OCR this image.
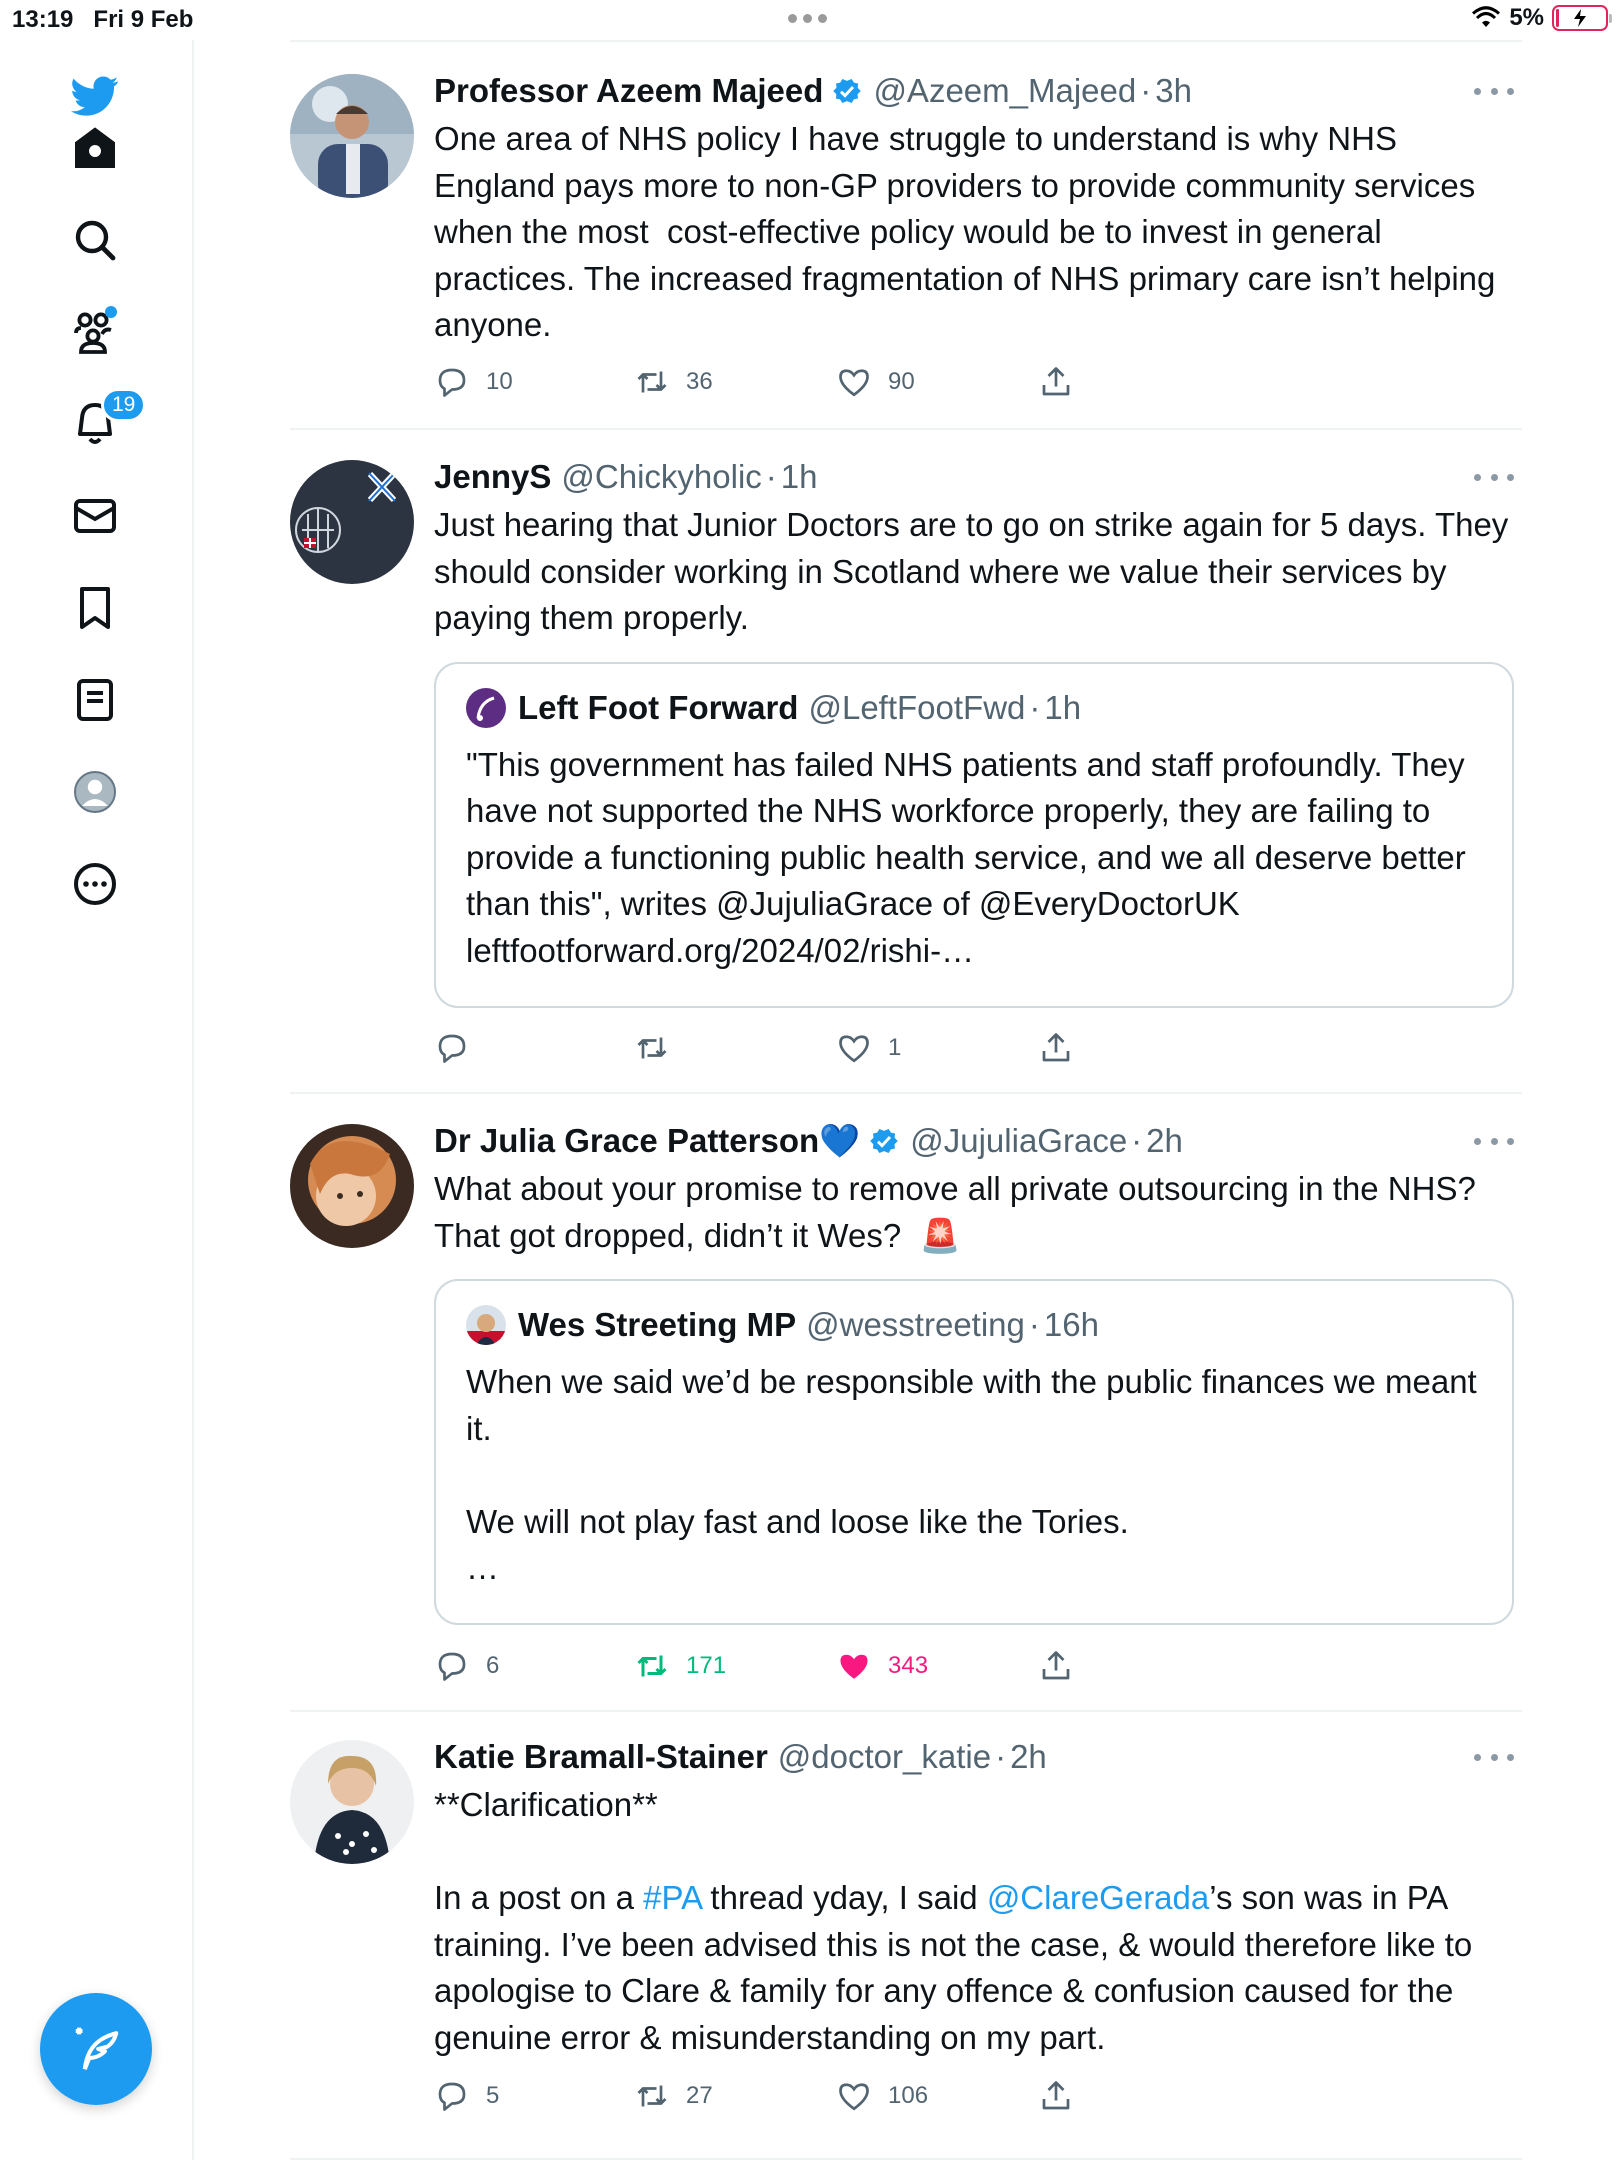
13:19 Fri 9 Feb	5%
19
Professor Azeem Majeed @Azeem_Majeed · 3h
One area of NHS policy I have struggle to understand is why NHS England pays more to non-GP providers to provide community services when the most  cost-effective policy would be to invest in general practices. The increased fragmentation of NHS primary care isn’t helping anyone.
10	36	90
JennyS @Chickyholic · 1h
Just hearing that Junior Doctors are to go on strike again for 5 days. They should consider working in Scotland where we value their services by paying them properly.
Left Foot Forward @LeftFootFwd · 1h
"This government has failed NHS patients and staff profoundly. They have not supported the NHS workforce properly, they are failing to provide a functioning public health service, and we all deserve better than this", writes @JujuliaGrace of @EveryDoctorUK leftfootforward.org/2024/02/rishi-…
1
Dr Julia Grace Patterson 💙 @JujuliaGrace · 2h
What about your promise to remove all private outsourcing in the NHS? That got dropped, didn’t it Wes?  🚨
Wes Streeting MP @wesstreeting · 16h
When we said we’d be responsible with the public finances we meant it.

We will not play fast and loose like the Tories.
…
6	171	343
Katie Bramall-Stainer @doctor_katie · 2h
**Clarification**

In a post on a #PA thread yday, I said @ClareGerada’s son was in PA training. I’ve been advised this is not the case, & would therefore like to apologise to Clare & family for any offence & confusion caused for the genuine error & misunderstanding on my part.
5	27	106
